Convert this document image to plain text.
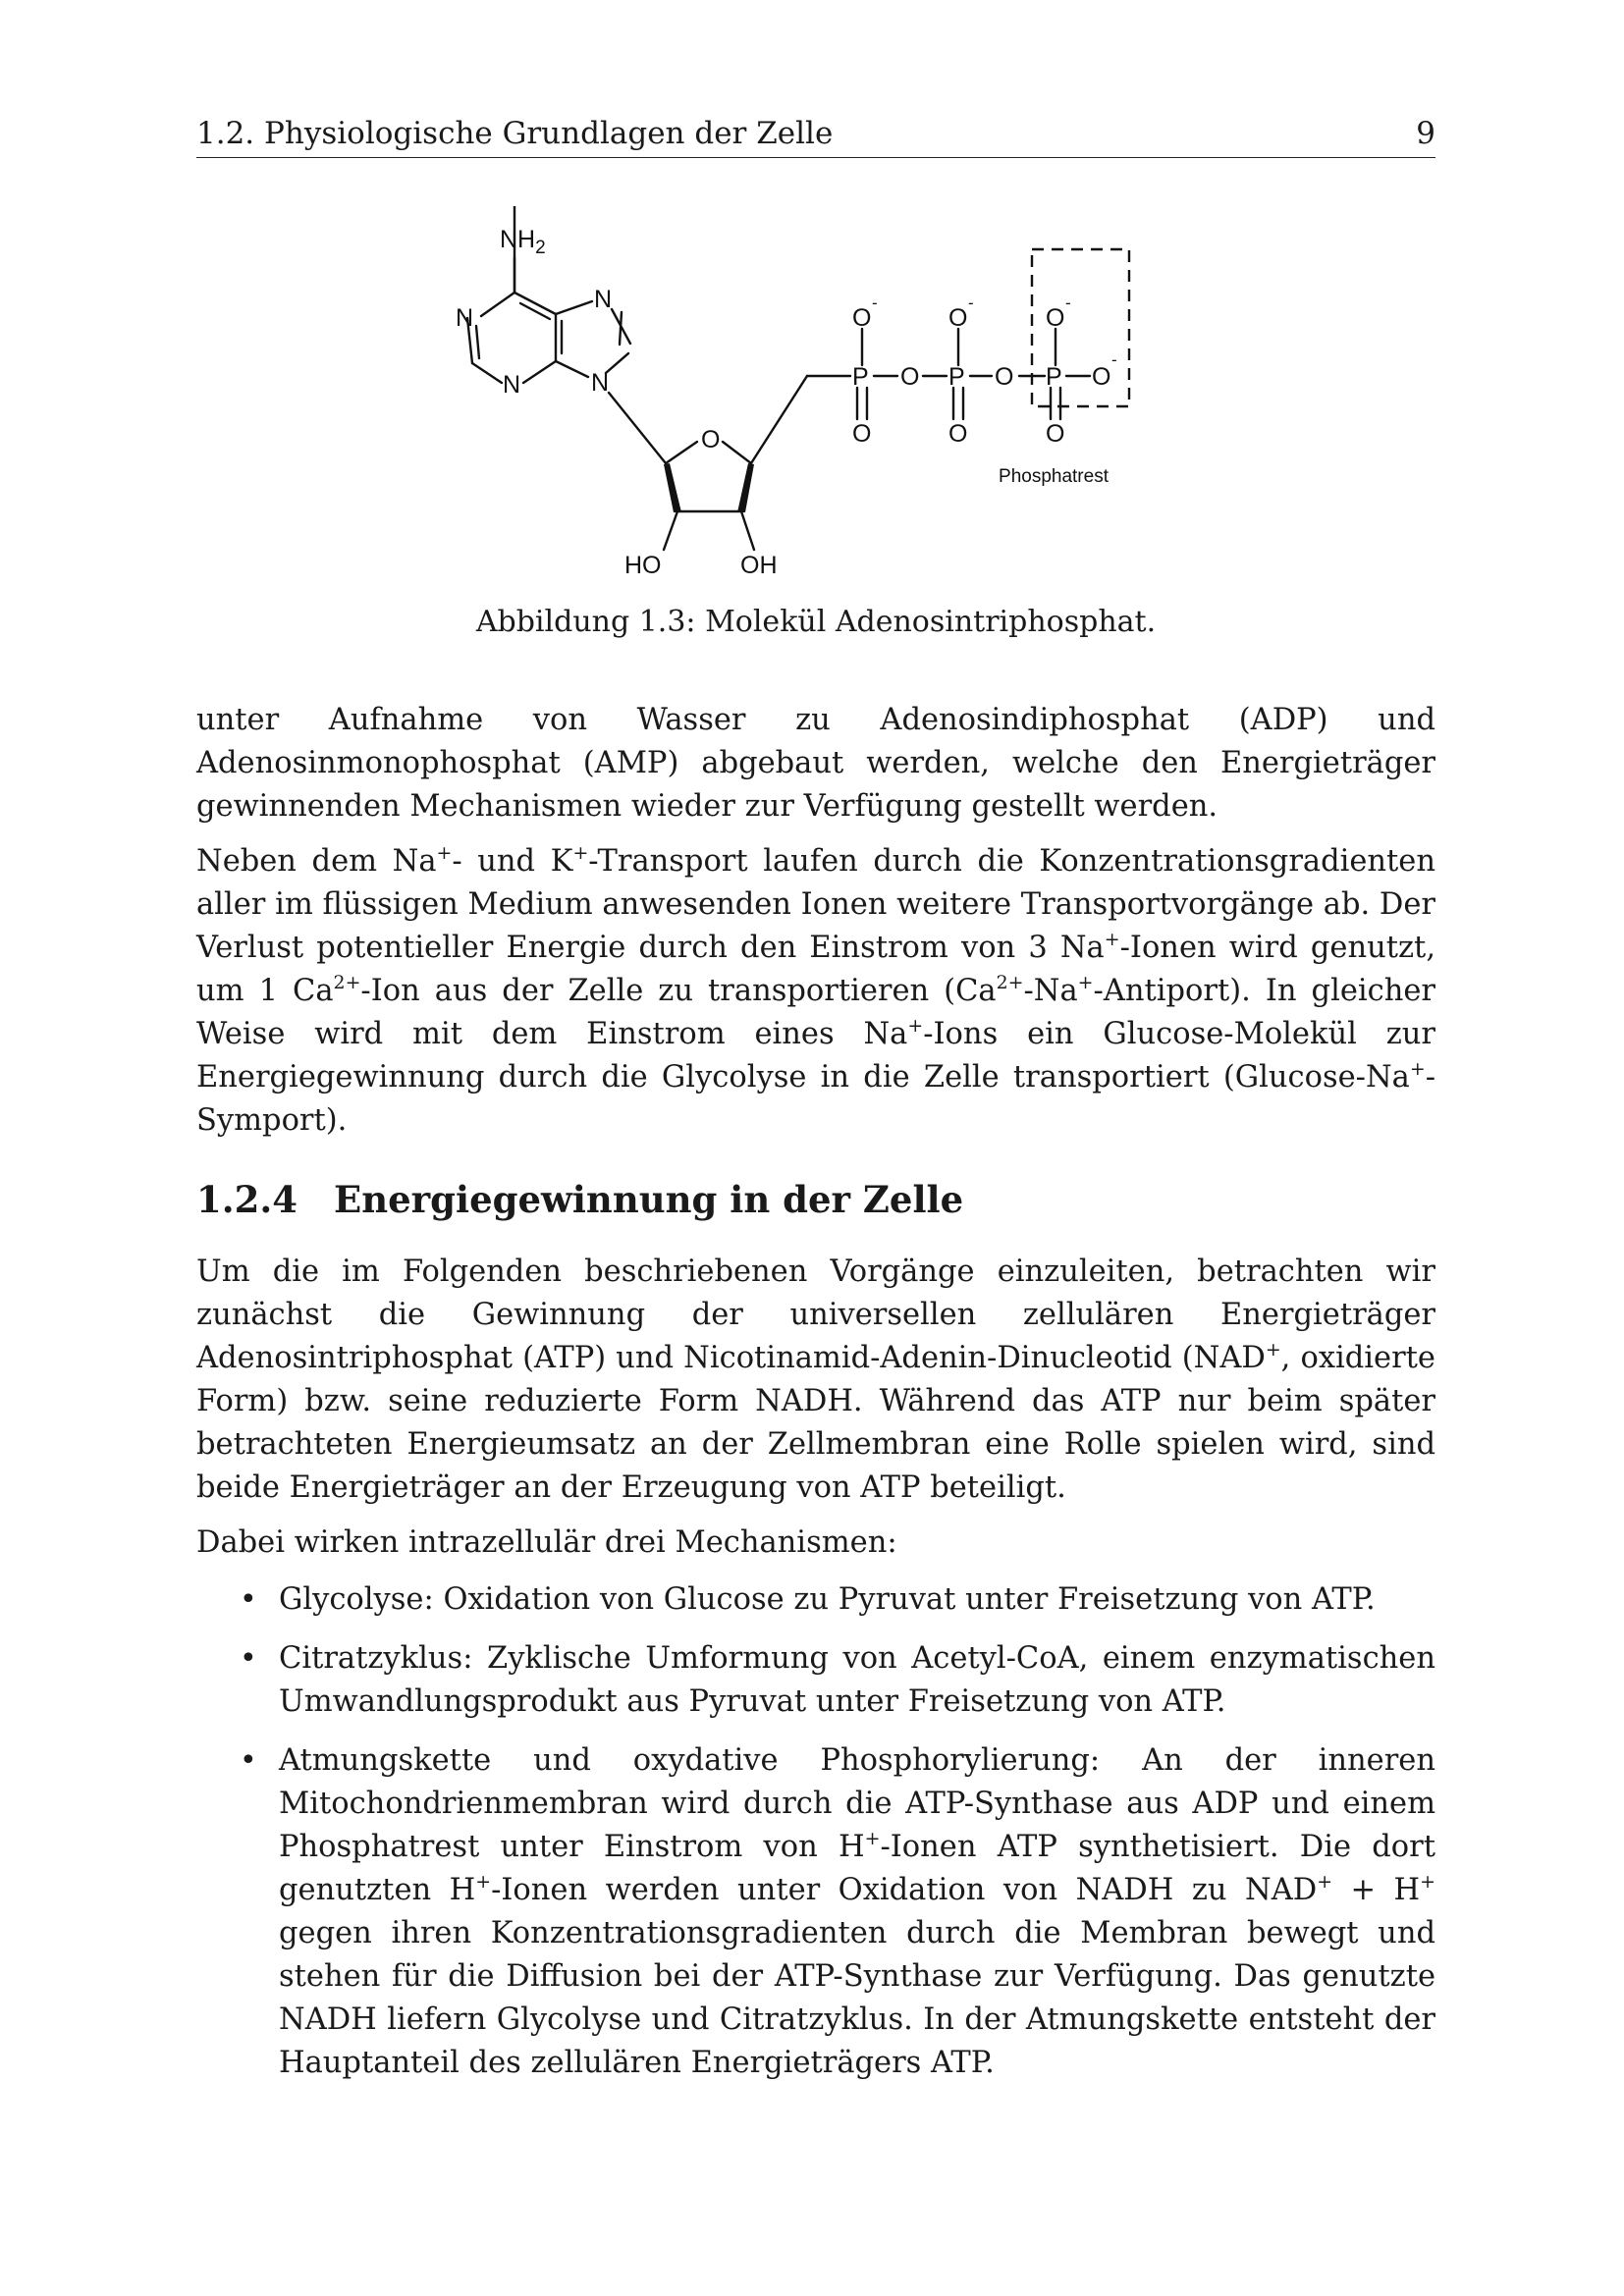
1.2. Physiologische Grundlagen der Zelle	9
$NH_2$
N
N
N	N
O
HO	OH
O
-
P
O
O
O
-
P
O
O
O
-
P
O
O
-
Phosphatrest
Abbildung 1.3: Molekül Adenosintriphosphat.

unter Aufnahme von Wasser zu Adenosindiphosphat (ADP) und Adenosinmonophosphat (AMP) abgebaut werden, welche den Energieträger gewinnenden Mechanismen wieder zur Verfügung gestellt werden.

Neben dem Na+- und K+-Transport laufen durch die Konzentrationsgradienten aller im flüssigen Medium anwesenden Ionen weitere Transportvorgänge ab. Der Verlust potentieller Energie durch den Einstrom von 3 Na+-Ionen wird genutzt, um 1 $Ca^{2+}$-Ion aus der Zelle zu transportieren $(Ca^{2+}-Na^+-Antiport)$. In gleicher Weise wird mit dem Einstrom eines Na+-Ions ein Glucose-Molekül zur Energiegewinnung durch die Glycolyse in die Zelle transportiert (Glucose-Na+-Symport).

1.2.4	Energiegewinnung in der Zelle

Um die im Folgenden beschriebenen Vorgänge einzuleiten, betrachten wir zunächst die Gewinnung der universellen zellulären Energieträger Adenosintriphosphat (ATP) und Nicotinamid-Adenin-Dinucleotid (NAD+, oxidierte Form) bzw. seine reduzierte Form NADH. Während das ATP nur beim später betrachteten Energieumsatz an der Zellmembran eine Rolle spielen wird, sind beide Energieträger an der Erzeugung von ATP beteiligt.

Dabei wirken intrazellulär drei Mechanismen:

• Glycolyse: Oxidation von Glucose zu Pyruvat unter Freisetzung von ATP.
• Citratzyklus: Zyklische Umformung von Acetyl-CoA, einem enzymatischen Umwandlungsprodukt aus Pyruvat unter Freisetzung von ATP.
• Atmungskette und oxydative Phosphorylierung: An der inneren Mitochondrienmembran wird durch die ATP-Synthase aus ADP und einem Phosphatrest unter Einstrom von H+-Ionen ATP synthetisiert. Die dort genutzten H+-Ionen werden unter Oxidation von NADH zu NAD+ + H+ gegen ihren Konzentrationsgradienten durch die Membran bewegt und stehen für die Diffusion bei der ATP-Synthase zur Verfügung. Das genutzte NADH liefern Glycolyse und Citratzyklus. In der Atmungskette entsteht der Hauptanteil des zellulären Energieträgers ATP.
